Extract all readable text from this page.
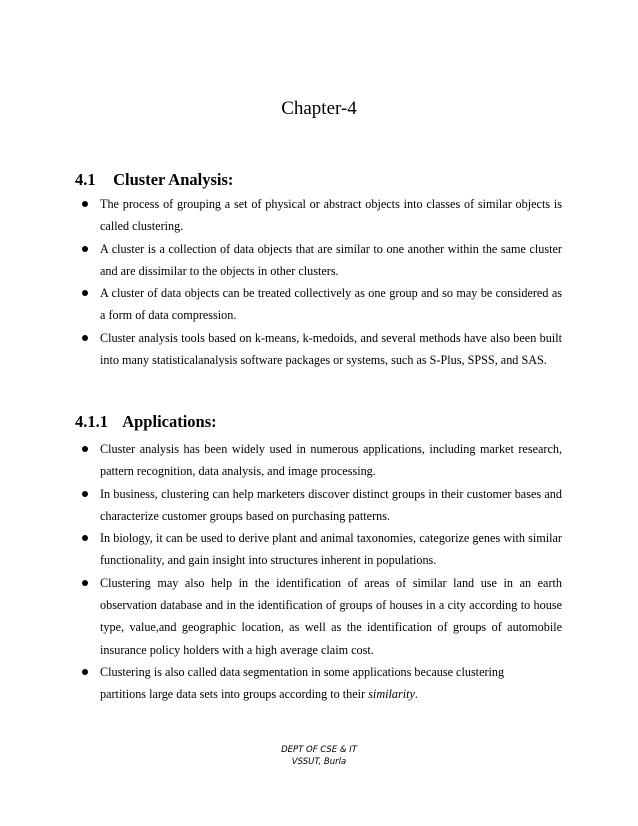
Chapter-4
4.1 Cluster Analysis:
The process of grouping a set of physical or abstract objects into classes of similar objects is called clustering.
A cluster is a collection of data objects that are similar to one another within the same cluster and are dissimilar to the objects in other clusters.
A cluster of data objects can be treated collectively as one group and so may be considered as a form of data compression.
Cluster analysis tools based on k-means, k-medoids, and several methods have also been built into many statisticalanalysis software packages or systems, such as S-Plus, SPSS, and SAS.
4.1.1 Applications:
Cluster analysis has been widely used in numerous applications, including market research, pattern recognition, data analysis, and image processing.
In business, clustering can help marketers discover distinct groups in their customer bases and characterize customer groups based on purchasing patterns.
In biology, it can be used to derive plant and animal taxonomies, categorize genes with similar functionality, and gain insight into structures inherent in populations.
Clustering may also help in the identification of areas of similar land use in an earth observation database and in the identification of groups of houses in a city according to house type, value,and geographic location, as well as the identification of groups of automobile insurance policy holders with a high average claim cost.
Clustering is also called data segmentation in some applications because clustering
partitions large data sets into groups according to their similarity.
DEPT OF CSE & IT
VSSUT, Burla
